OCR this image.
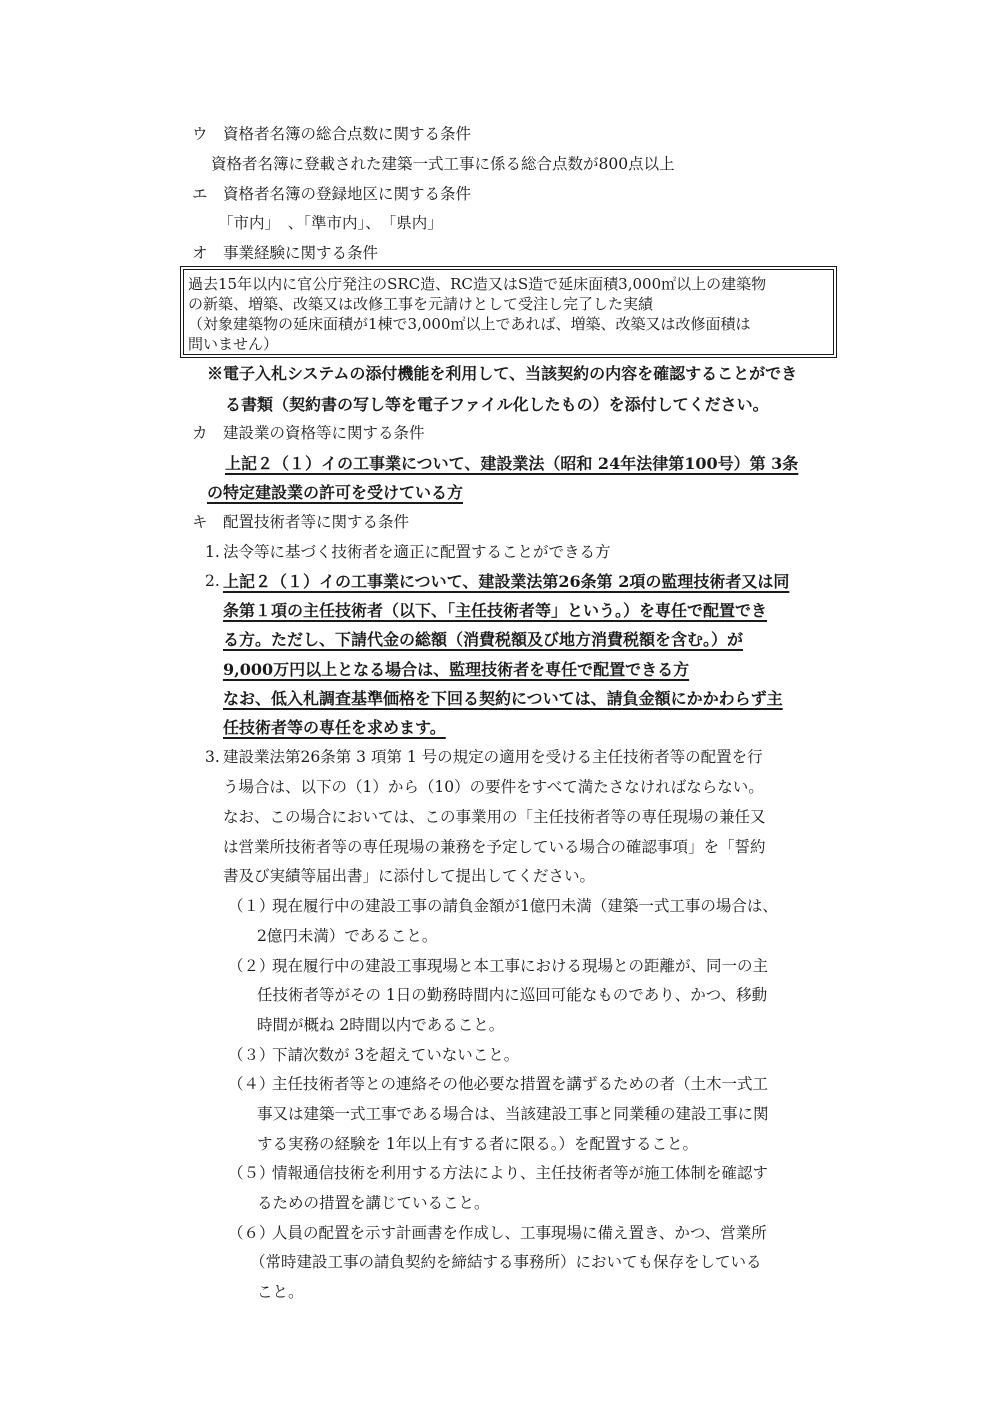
ウ　資格者名簿の総合点数に関する条件
資格者名簿に登載された建築一式工事に係る総合点数が800点以上
エ　資格者名簿の登録地区に関する条件
「市内」　、「準市内」、　「県内」
オ　事業経験に関する条件
過去15年以内に官公庁発注のSRC造、RC造又はS造で延床面積3,000㎡以上の建築物
の新築、増築、改築又は改修工事を元請けとして受注し完了した実績
（対象建築物の延床面積が1棟で3,000㎡以上であれば、増築、改築又は改修面積は
問いません）
※電子入札システムの添付機能を利用して、当該契約の内容を確認することができ
る書類（契約書の写し等を電子ファイル化したもの）を添付してください。
カ　建設業の資格等に関する条件
上記２（１）イの工事業について、建設業法（昭和 24年法律第100号）第 3条
の特定建設業の許可を受けている方
キ　配置技術者等に関する条件
1. 法令等に基づく技術者を適正に配置することができる方
2. 上記２（１）イの工事業について、建設業法第26条第 2項の監理技術者又は同
条第１項の主任技術者（以下、「主任技術者等」という。）を専任で配置でき
る方。ただし、下請代金の総額（消費税額及び地方消費税額を含む。）が
9,000万円以上となる場合は、監理技術者を専任で配置できる方
なお、低入札調査基準価格を下回る契約については、請負金額にかかわらず主
任技術者等の専任を求めます。
3. 建設業法第26条第 3 項第 1 号の規定の適用を受ける主任技術者等の配置を行
う場合は、以下の（1）から（10）の要件をすべて満たさなければならない。
なお、この場合においては、この事業用の「主任技術者等の専任現場の兼任又
は営業所技術者等の専任現場の兼務を予定している場合の確認事項」を「誓約
書及び実績等届出書」に添付して提出してください。
（１）
現在履行中の建設工事の請負金額が1億円未満（建築一式工事の場合は、
2億円未満）であること。
（２）
現在履行中の建設工事現場と本工事における現場との距離が、同一の主
任技術者等がその 1日の勤務時間内に巡回可能なものであり、かつ、移動
時間が概ね 2時間以内であること。
（３）
下請次数が 3を超えていないこと。
（４）
主任技術者等との連絡その他必要な措置を講ずるための者（土木一式工
事又は建築一式工事である場合は、当該建設工事と同業種の建設工事に関
する実務の経験を 1年以上有する者に限る。）を配置すること。
（５）
情報通信技術を利用する方法により、主任技術者等が施工体制を確認す
るための措置を講じていること。
（６）
人員の配置を示す計画書を作成し、工事現場に備え置き、かつ、営業所
（常時建設工事の請負契約を締結する事務所）においても保存をしている
こと。
